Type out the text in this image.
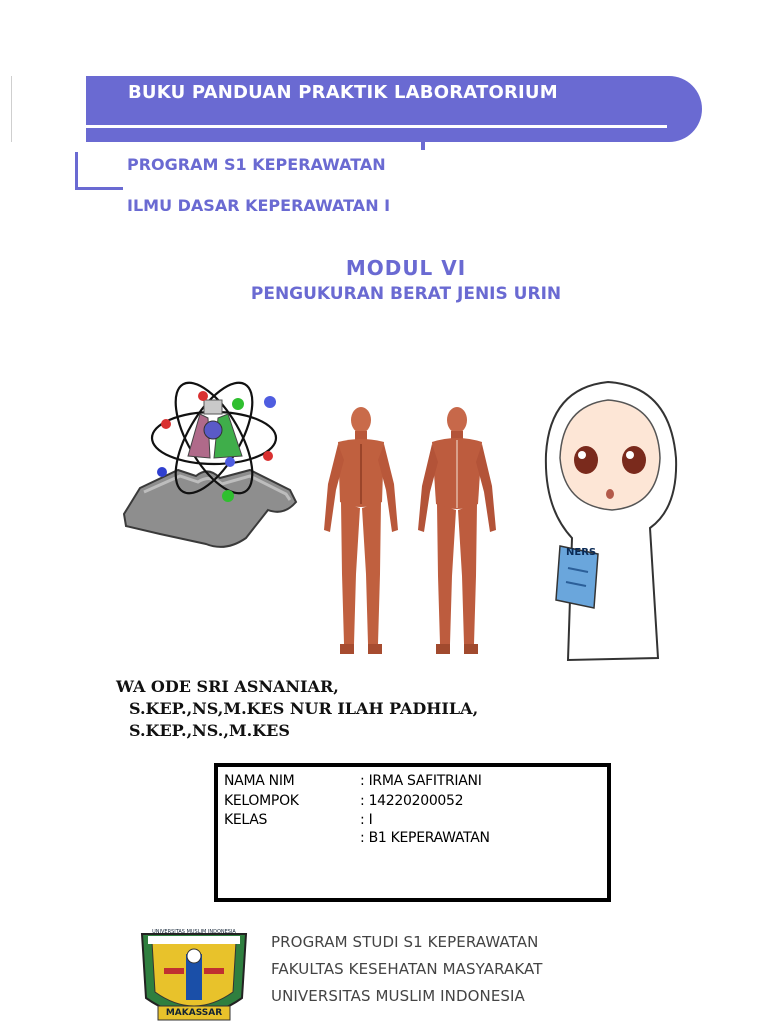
BUKU PANDUAN PRAKTIK LABORATORIUM
PROGRAM S1 KEPERAWATAN
ILMU DASAR KEPERAWATAN I
MODUL VI
PENGUKURAN BERAT JENIS URIN
NERS
WA ODE SRI ASNANIAR,
S.KEP.,NS,M.KES NUR ILAH PADHILA,
S.KEP.,NS.,M.KES
NAMA NIM
KELOMPOK
KELAS
: IRMA SAFITRIANI
: 14220200052
: I
: B1 KEPERAWATAN
UNIVERSITAS MUSLIM INDONESIA
MAKASSAR
PROGRAM STUDI S1 KEPERAWATAN
FAKULTAS KESEHATAN MASYARAKAT
UNIVERSITAS MUSLIM INDONESIA
